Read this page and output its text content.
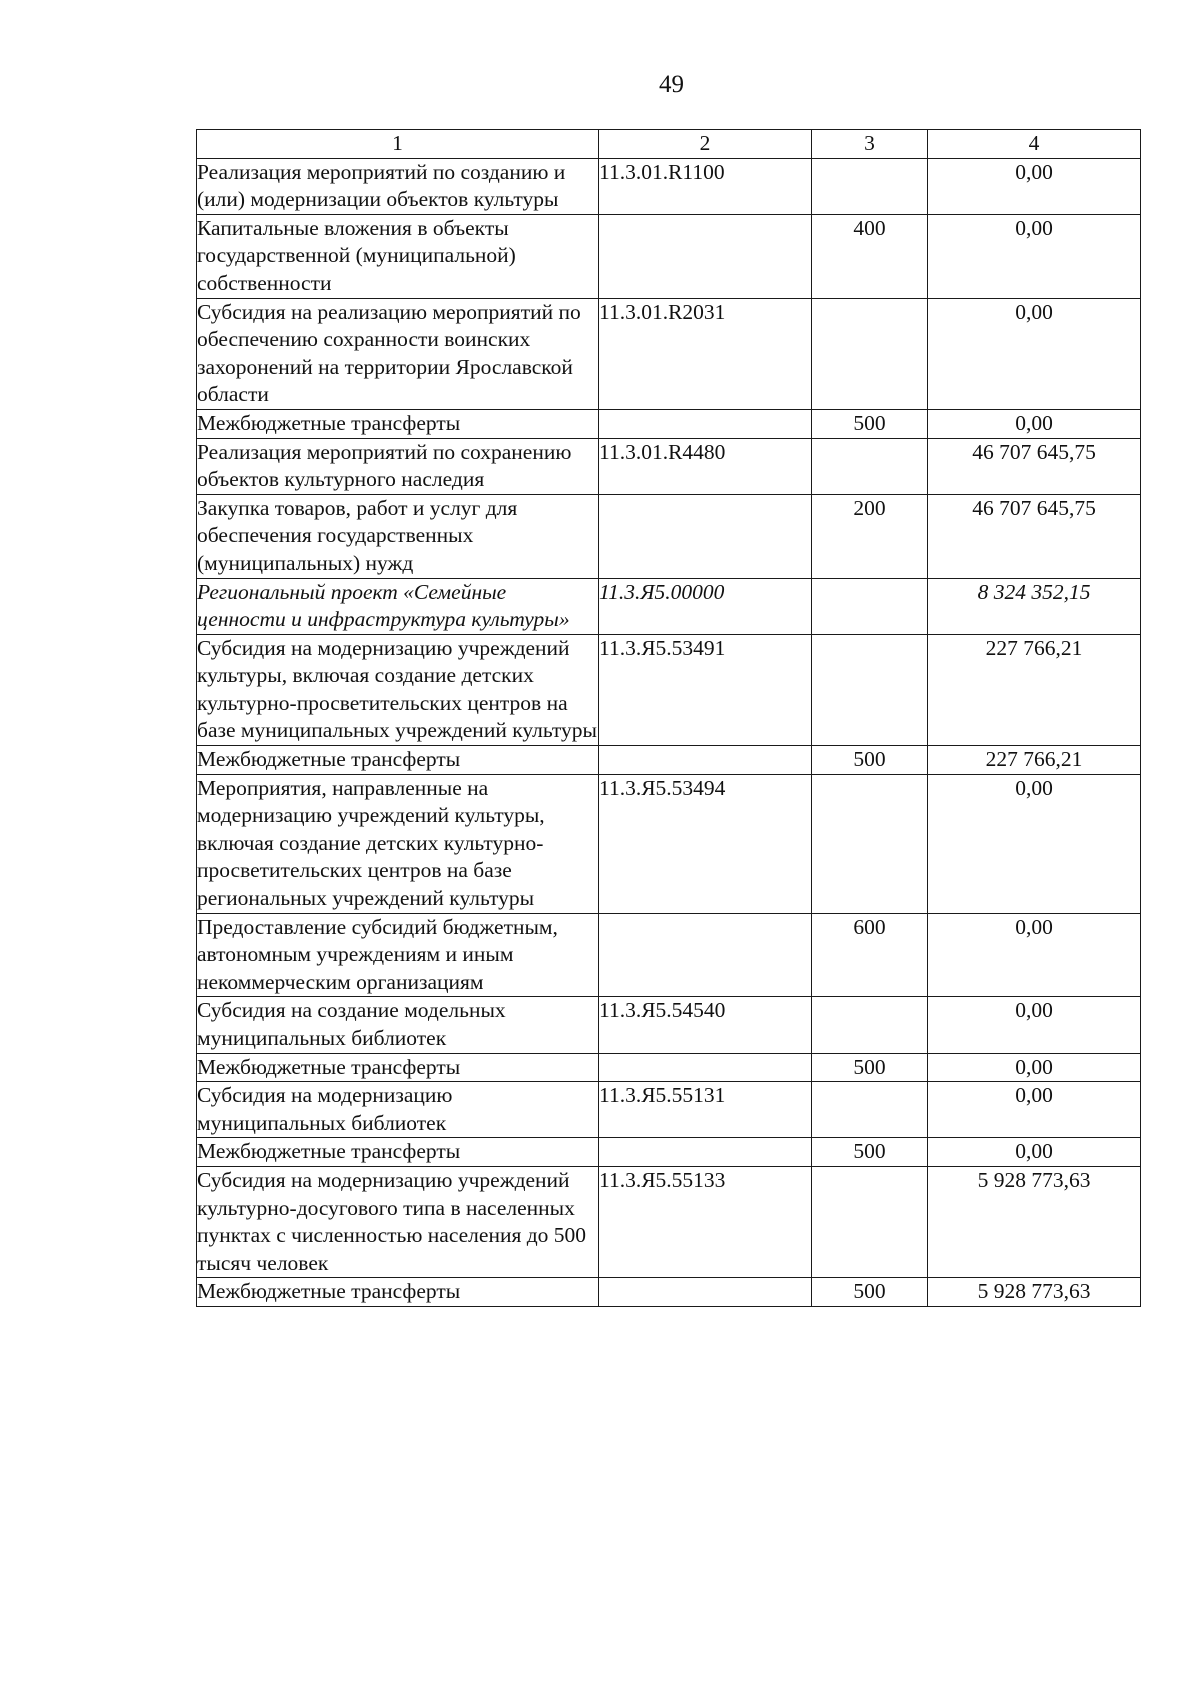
49
1	2	3	4
Реализация мероприятий по созданию и (или) модернизации объектов культуры	11.3.01.R1100		0,00
Капитальные вложения в объекты государственной (муниципальной) собственности		400	0,00
Субсидия на реализацию мероприятий по обеспечению сохранности воинских захоронений на территории Ярославской области	11.3.01.R2031		0,00
Межбюджетные трансферты		500	0,00
Реализация мероприятий по сохранению объектов культурного наследия	11.3.01.R4480		46 707 645,75
Закупка товаров, работ и услуг для обеспечения государственных (муниципальных) нужд		200	46 707 645,75
Региональный проект «Семейные ценности и инфраструктура культуры»	11.3.Я5.00000		8 324 352,15
Субсидия на модернизацию учреждений культуры, включая создание детских культурно-просветительских центров на базе муниципальных учреждений культуры	11.3.Я5.53491		227 766,21
Межбюджетные трансферты		500	227 766,21
Мероприятия, направленные на модернизацию учреждений культуры, включая создание детских культурно-просветительских центров на базе региональных учреждений культуры	11.3.Я5.53494		0,00
Предоставление субсидий бюджетным, автономным учреждениям и иным некоммерческим организациям		600	0,00
Субсидия на создание модельных муниципальных библиотек	11.3.Я5.54540		0,00
Межбюджетные трансферты		500	0,00
Субсидия на модернизацию муниципальных библиотек	11.3.Я5.55131		0,00
Межбюджетные трансферты		500	0,00
Субсидия на модернизацию учреждений культурно-досугового типа в населенных пунктах с численностью населения до 500 тысяч человек	11.3.Я5.55133		5 928 773,63
Межбюджетные трансферты		500	5 928 773,63
